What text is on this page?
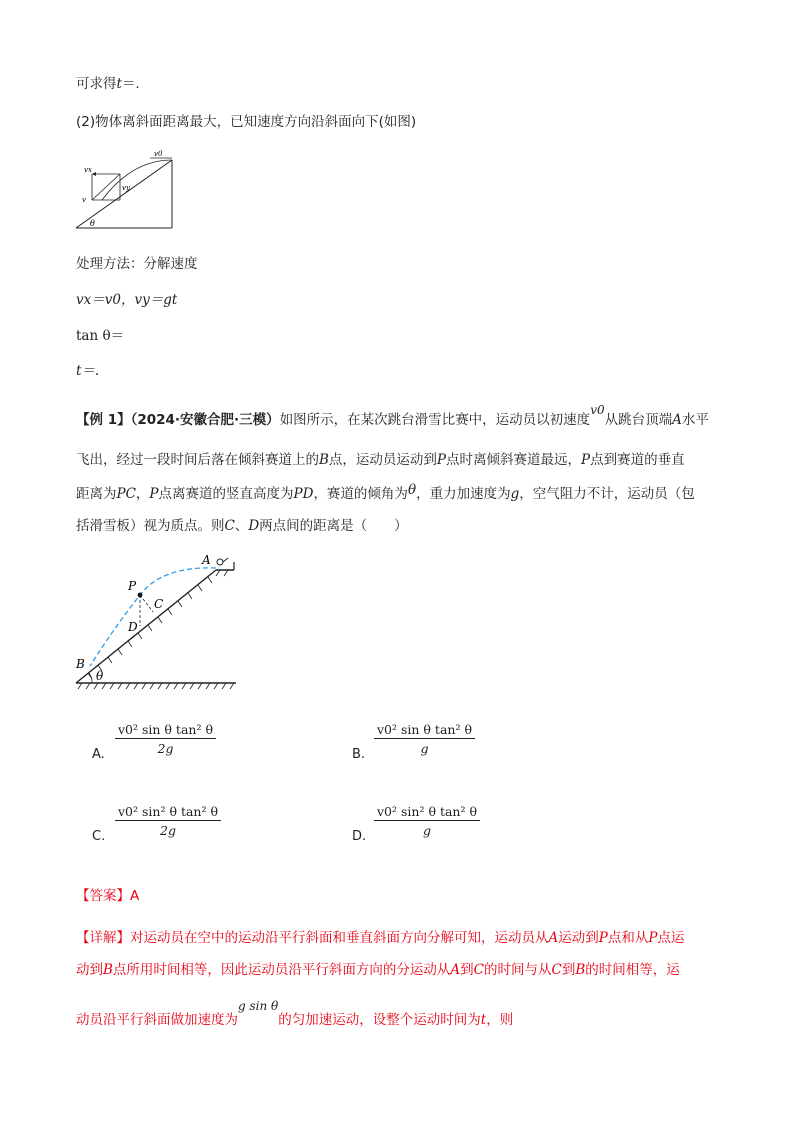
可求得t＝.
(2)物体离斜面距离最大，已知速度方向沿斜面向下(如图)
vx
v0
vy
v
θ
处理方法：分解速度
vx＝v0，vy＝gt
tan θ＝
t＝.
【例 1】（2024·安徽合肥·三模）如图所示，在某次跳台滑雪比赛中，运动员以初速度v0从跳台顶端A水平
飞出，经过一段时间后落在倾斜赛道上的B点，运动员运动到P点时离倾斜赛道最远，P点到赛道的垂直
距离为PC，P点离赛道的竖直高度为PD，赛道的倾角为θ，重力加速度为g，空气阻力不计，运动员（包
括滑雪板）视为质点。则C、D两点间的距离是（　　）
A
P
C
D
B
θ
A. $\frac{\text{v0² sin θ tan² θ}}{2g}$	B. $\frac{\text{v0² sin θ tan² θ}}{g}$
C. $\frac{\text{v0² sin² θ tan² θ}}{2g}$	D. $\frac{\text{v0² sin² θ tan² θ}}{g}$
【答案】A
【详解】对运动员在空中的运动沿平行斜面和垂直斜面方向分解可知，运动员从A运动到P点和从P点运
动到B点所用时间相等，因此运动员沿平行斜面方向的分运动从A到C的时间与从C到B的时间相等，运
动员沿平行斜面做加速度为g sin θ的匀加速运动，设整个运动时间为t，则
